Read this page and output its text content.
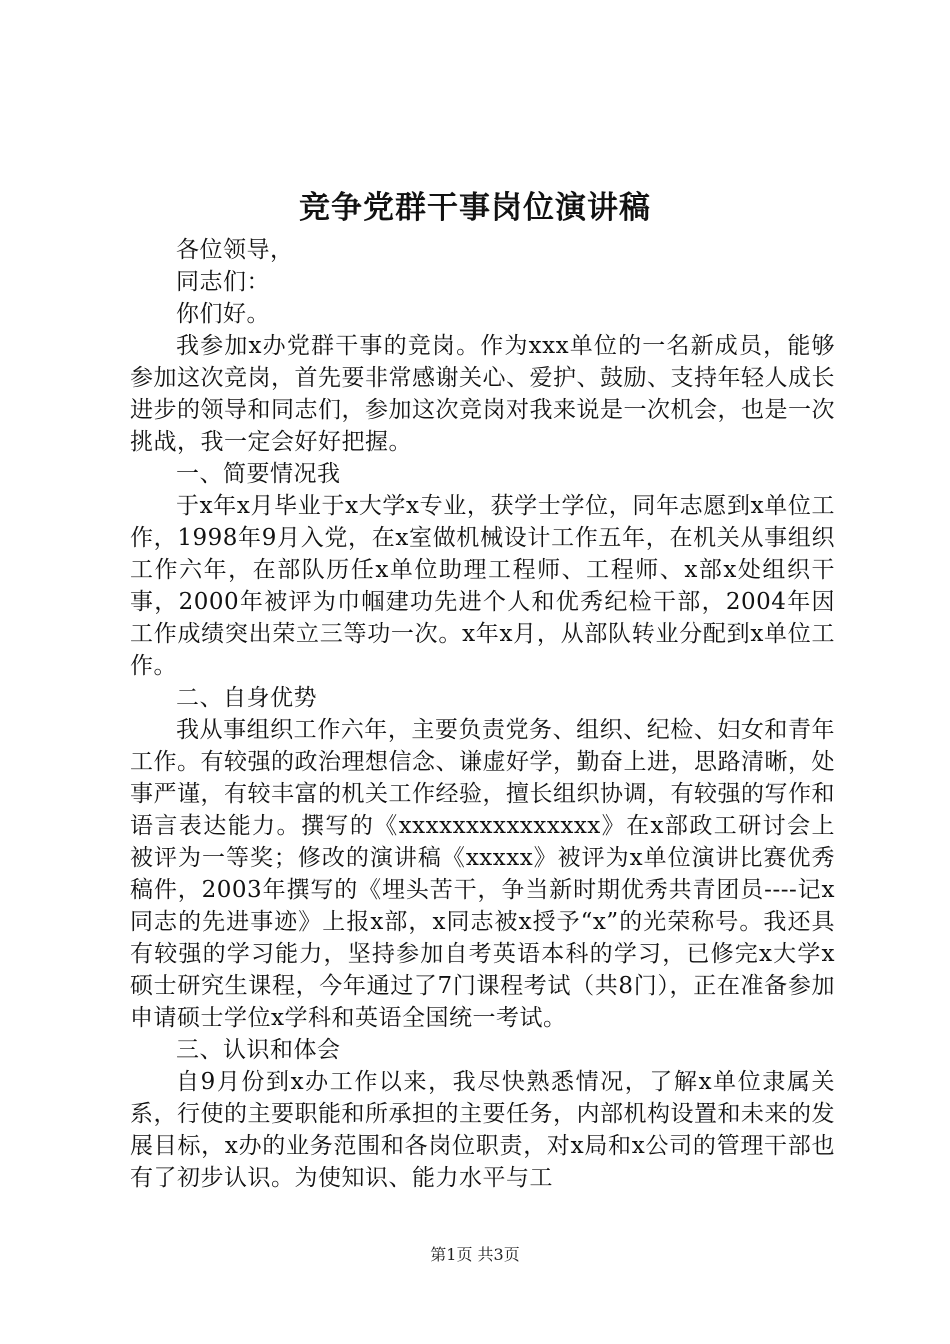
竞争党群干事岗位演讲稿

各位领导，

同志们：

你们好。

我参加x办党群干事的竞岗。作为xxx单位的一名新成员，能够参加这次竞岗，首先要非常感谢关心、爱护、鼓励、支持年轻人成长进步的领导和同志们，参加这次竞岗对我来说是一次机会，也是一次挑战，我一定会好好把握。

一、简要情况我

于x年x月毕业于x大学x专业，获学士学位，同年志愿到x单位工作，1998年9月入党，在x室做机械设计工作五年，在机关从事组织工作六年，在部队历任x单位助理工程师、工程师、x部x处组织干事，2000年被评为巾帼建功先进个人和优秀纪检干部，2004年因工作成绩突出荣立三等功一次。x年x月，从部队转业分配到x单位工作。

二、自身优势

我从事组织工作六年，主要负责党务、组织、纪检、妇女和青年工作。有较强的政治理想信念、谦虚好学，勤奋上进，思路清晰，处事严谨，有较丰富的机关工作经验，擅长组织协调，有较强的写作和语言表达能力。撰写的《xxxxxxxxxxxxxxx》在x部政工研讨会上被评为一等奖；修改的演讲稿《xxxxx》被评为x单位演讲比赛优秀稿件，2003年撰写的《埋头苦干，争当新时期优秀共青团员----记x同志的先进事迹》上报x部，x同志被x授予“x”的光荣称号。我还具有较强的学习能力，坚持参加自考英语本科的学习，已修完x大学x硕士研究生课程，今年通过了7门课程考试（共8门），正在准备参加申请硕士学位x学科和英语全国统一考试。

三、认识和体会

自9月份到x办工作以来，我尽快熟悉情况，了解x单位隶属关系，行使的主要职能和所承担的主要任务，内部机构设置和未来的发展目标，x办的业务范围和各岗位职责，对x局和x公司的管理干部也有了初步认识。为使知识、能力水平与工

第1页 共3页
